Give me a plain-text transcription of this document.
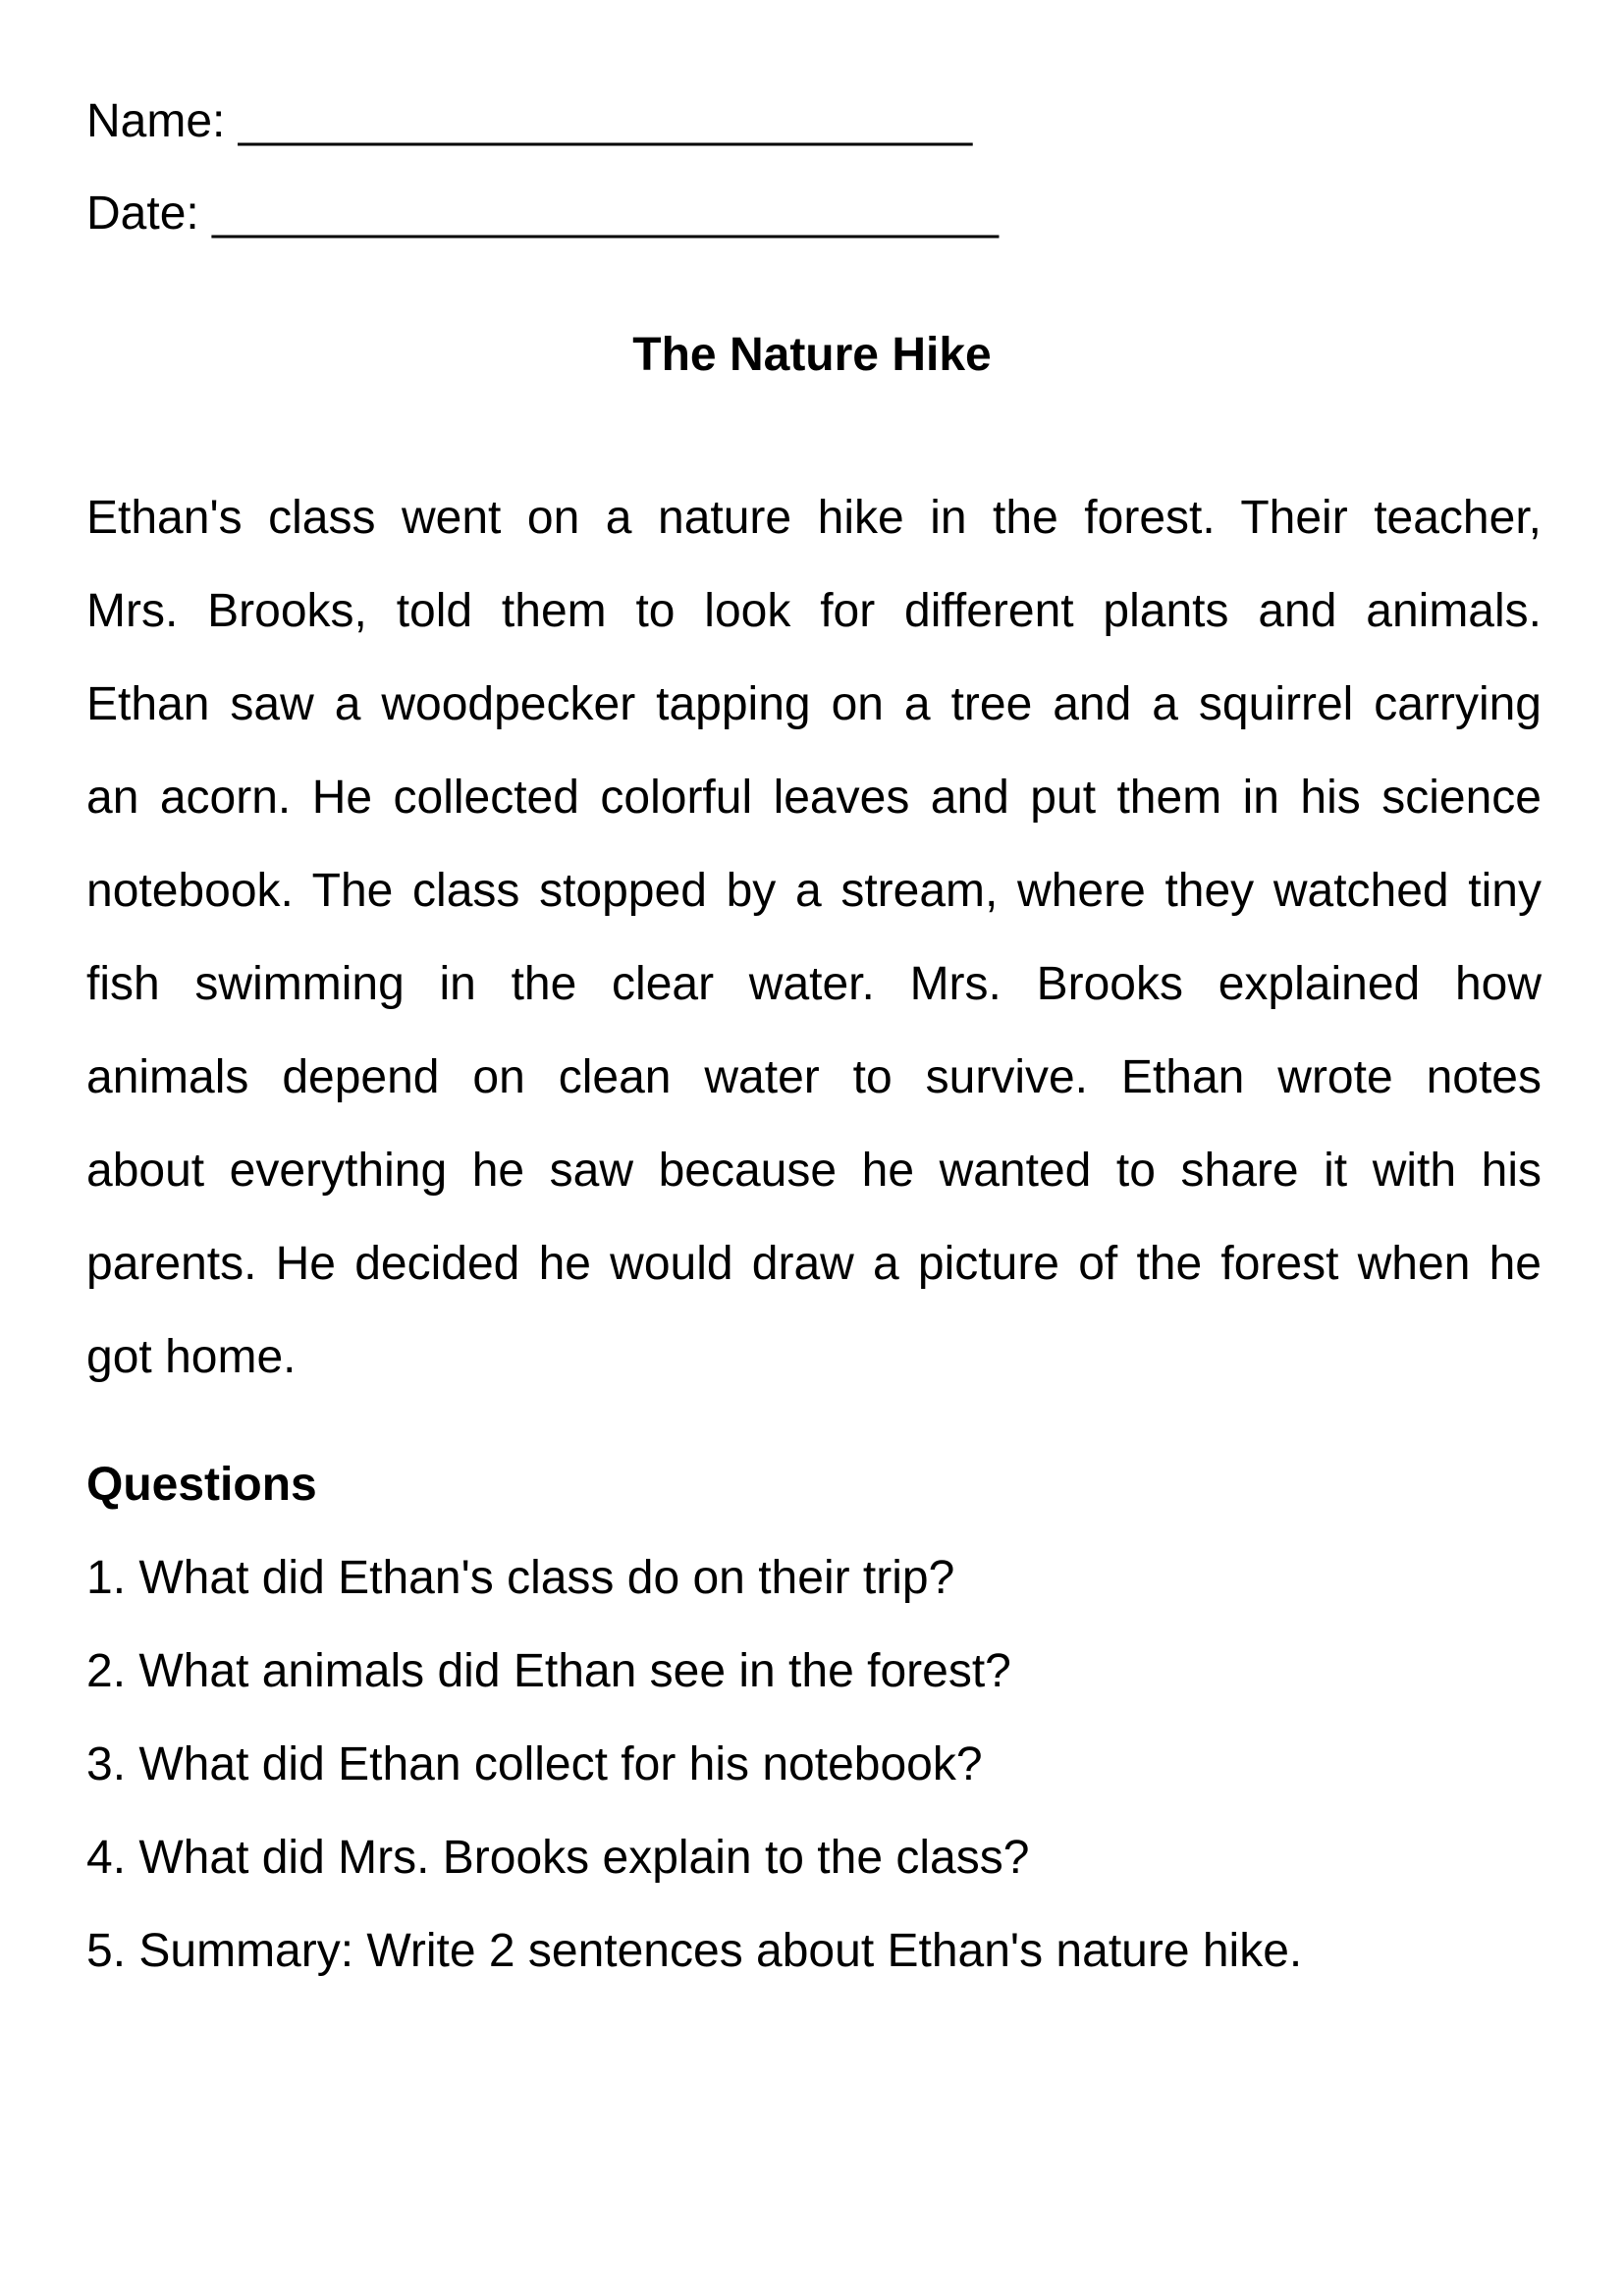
Name: ____________________________
Date: ______________________________
The Nature Hike
Ethan's class went on a nature hike in the forest. Their teacher,
Mrs. Brooks, told them to look for different plants and animals.
Ethan saw a woodpecker tapping on a tree and a squirrel carrying
an acorn. He collected colorful leaves and put them in his science
notebook. The class stopped by a stream, where they watched tiny
fish swimming in the clear water. Mrs. Brooks explained how
animals depend on clean water to survive. Ethan wrote notes
about everything he saw because he wanted to share it with his
parents. He decided he would draw a picture of the forest when he
got home.
Questions
1. What did Ethan's class do on their trip?
2. What animals did Ethan see in the forest?
3. What did Ethan collect for his notebook?
4. What did Mrs. Brooks explain to the class?
5. Summary: Write 2 sentences about Ethan's nature hike.
